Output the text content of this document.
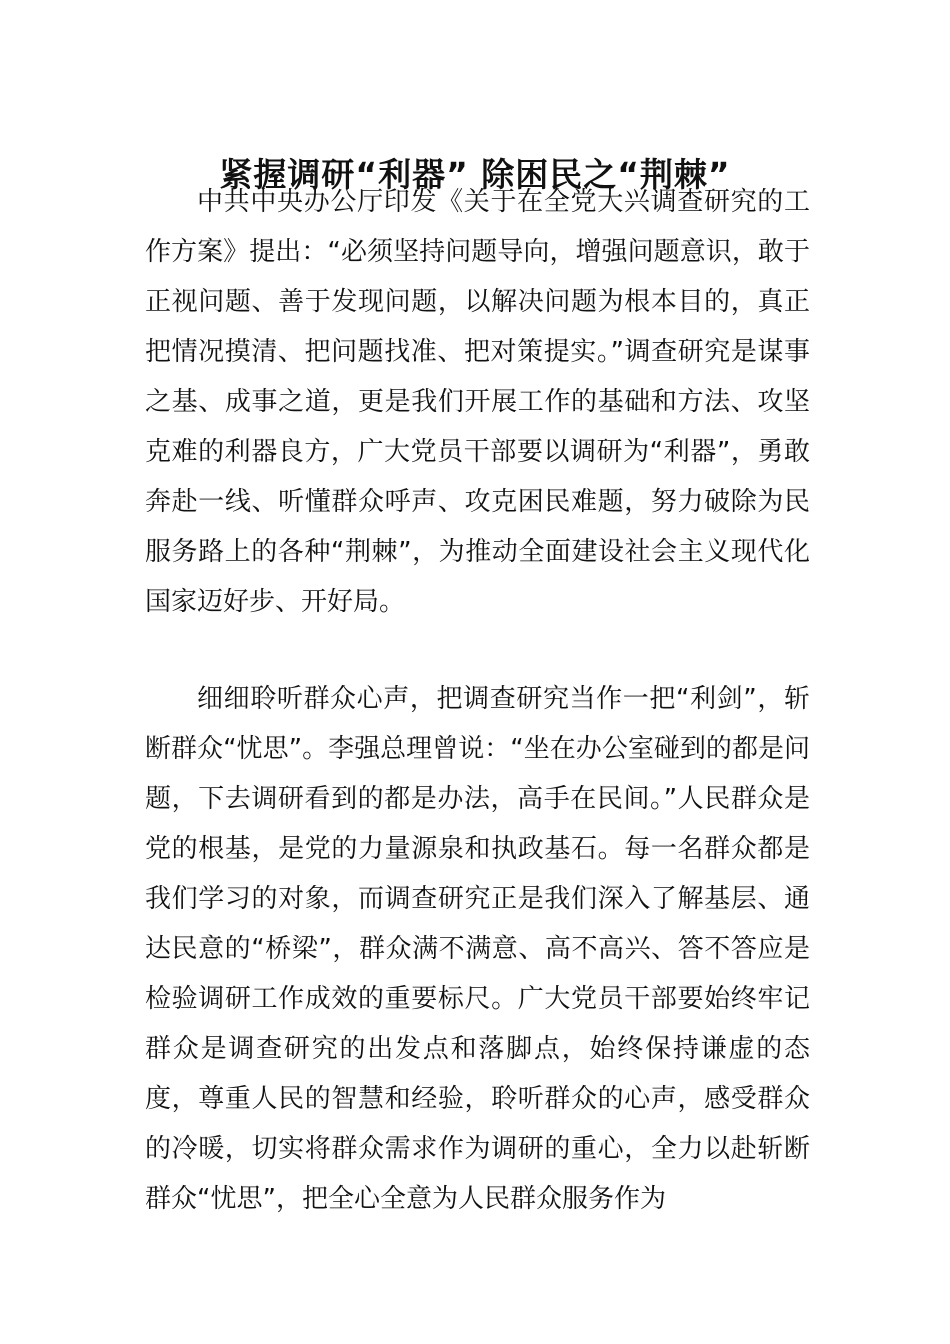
紧握调研“利器” 除困民之“荆棘”

中共中央办公厅印发《关于在全党大兴调查研究的工作方案》提出：“必须坚持问题导向，增强问题意识，敢于正视问题、善于发现问题，以解决问题为根本目的，真正把情况摸清、把问题找准、把对策提实。”调查研究是谋事之基、成事之道，更是我们开展工作的基础和方法、攻坚克难的利器良方，广大党员干部要以调研为“利器”，勇敢奔赴一线、听懂群众呼声、攻克困民难题，努力破除为民服务路上的各种“荆棘”，为推动全面建设社会主义现代化国家迈好步、开好局。

细细聆听群众心声，把调查研究当作一把“利剑”，斩断群众“忧思”。李强总理曾说：“坐在办公室碰到的都是问题，下去调研看到的都是办法，高手在民间。”人民群众是党的根基，是党的力量源泉和执政基石。每一名群众都是我们学习的对象，而调查研究正是我们深入了解基层、通达民意的“桥梁”，群众满不满意、高不高兴、答不答应是检验调研工作成效的重要标尺。广大党员干部要始终牢记群众是调查研究的出发点和落脚点，始终保持谦虚的态度，尊重人民的智慧和经验，聆听群众的心声，感受群众的冷暖，切实将群众需求作为调研的重心，全力以赴斩断群众“忧思”，把全心全意为人民群众服务作为
